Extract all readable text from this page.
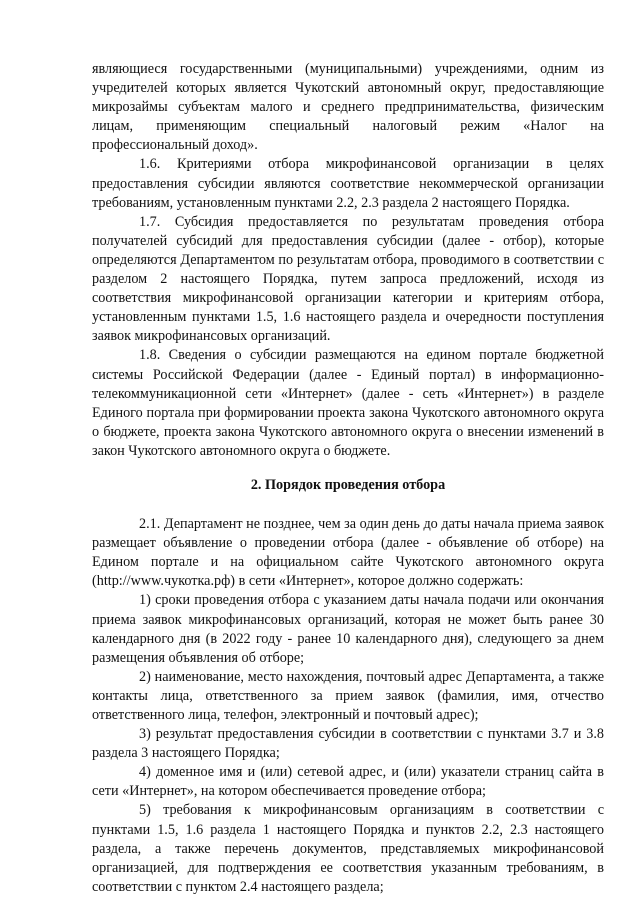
являющиеся государственными (муниципальными) учреждениями, одним из учредителей которых является Чукотский автономный округ, предоставляющие микрозаймы субъектам малого и среднего предпринимательства, физическим лицам, применяющим специальный налоговый режим «Налог на профессиональный доход».

1.6. Критериями отбора микрофинансовой организации в целях предоставления субсидии являются соответствие некоммерческой организации требованиям, установленным пунктами 2.2, 2.3 раздела 2 настоящего Порядка.

1.7. Субсидия предоставляется по результатам проведения отбора получателей субсидий для предоставления субсидии (далее - отбор), которые определяются Департаментом по результатам отбора, проводимого в соответствии с разделом 2 настоящего Порядка, путем запроса предложений, исходя из соответствия микрофинансовой организации категории и критериям отбора, установленным пунктами 1.5, 1.6 настоящего раздела и очередности поступления заявок микрофинансовых организаций.

1.8. Сведения о субсидии размещаются на едином портале бюджетной системы Российской Федерации (далее - Единый портал) в информационно-телекоммуникационной сети «Интернет» (далее - сеть «Интернет») в разделе Единого портала при формировании проекта закона Чукотского автономного округа о бюджете, проекта закона Чукотского автономного округа о внесении изменений в закон Чукотского автономного округа о бюджете.

2. Порядок проведения отбора

2.1. Департамент не позднее, чем за один день до даты начала приема заявок размещает объявление о проведении отбора (далее - объявление об отборе) на Едином портале и на официальном сайте Чукотского автономного округа (http://www.чукотка.рф) в сети «Интернет», которое должно содержать:

1) сроки проведения отбора с указанием даты начала подачи или окончания приема заявок микрофинансовых организаций, которая не может быть ранее 30 календарного дня (в 2022 году - ранее 10 календарного дня), следующего за днем размещения объявления об отборе;

2) наименование, место нахождения, почтовый адрес Департамента, а также контакты лица, ответственного за прием заявок (фамилия, имя, отчество ответственного лица, телефон, электронный и почтовый адрес);

3) результат предоставления субсидии в соответствии с пунктами 3.7 и 3.8 раздела 3 настоящего Порядка;

4) доменное имя и (или) сетевой адрес, и (или) указатели страниц сайта в сети «Интернет», на котором обеспечивается проведение отбора;

5) требования к микрофинансовым организациям в соответствии с пунктами 1.5, 1.6 раздела 1 настоящего Порядка и пунктов 2.2, 2.3 настоящего раздела, а также перечень документов, представляемых микрофинансовой организацией, для подтверждения ее соответствия указанным требованиям, в соответствии с пунктом 2.4 настоящего раздела;
